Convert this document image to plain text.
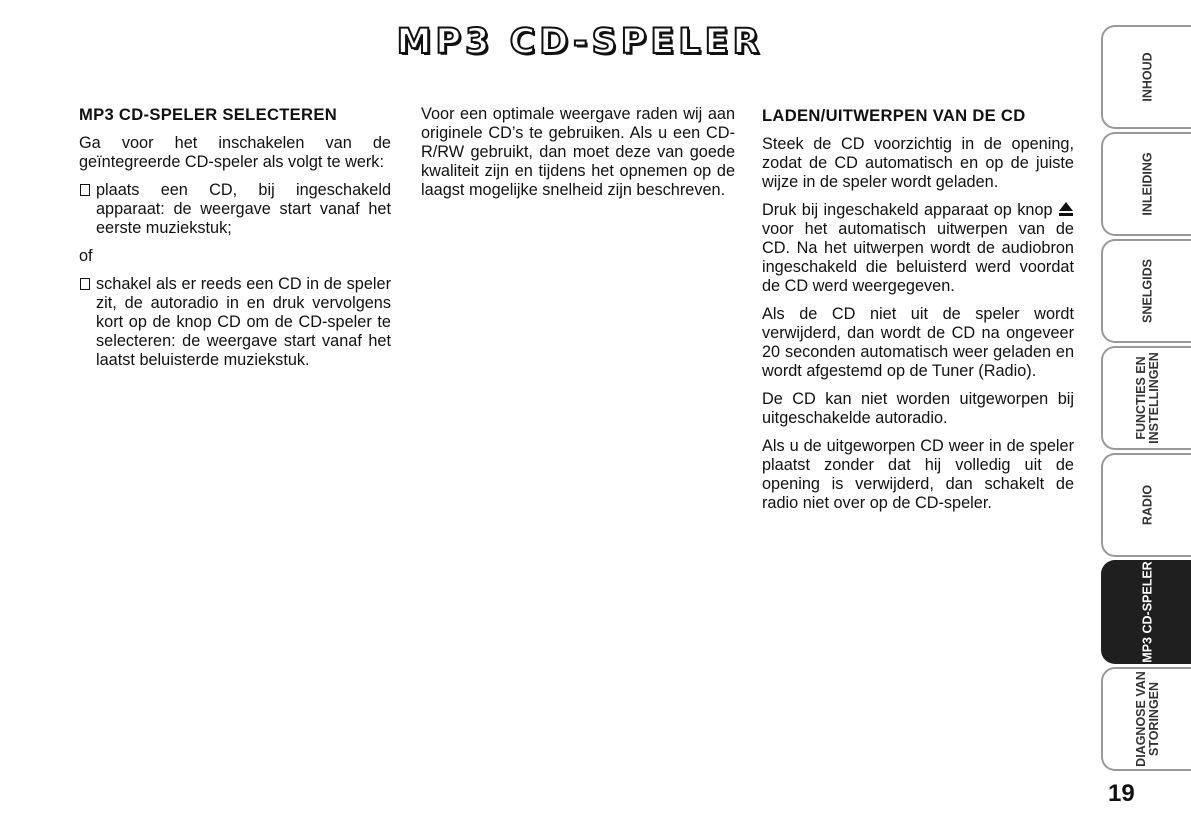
MP3 CD-SPELER
MP3 CD-SPELER SELECTEREN

Ga voor het inschakelen van de geïntegreerde CD-speler als volgt te werk:

plaats een CD, bij ingeschakeld apparaat: de weergave start vanaf het eerste muziekstuk;

of

schakel als er reeds een CD in de speler zit, de autoradio in en druk vervolgens kort op de knop CD om de CD-speler te selecteren: de weergave start vanaf het laatst beluisterde muziekstuk.

Voor een optimale weergave raden wij aan originele CD’s te gebruiken. Als u een CD-R/RW gebruikt, dan moet deze van goede kwaliteit zijn en tijdens het opnemen op de laagst mogelijke snelheid zijn beschreven.

LADEN/UITWERPEN VAN DE CD

Steek de CD voorzichtig in de opening, zodat de CD automatisch en op de juiste wijze in de speler wordt geladen.

Druk bij ingeschakeld apparaat op knop  voor het automatisch uitwerpen van de CD. Na het uitwerpen wordt de audiobron ingeschakeld die beluisterd werd voordat de CD werd weergegeven.

Als de CD niet uit de speler wordt verwijderd, dan wordt de CD na ongeveer 20 seconden automatisch weer geladen en wordt afgestemd op de Tuner (Radio).

De CD kan niet worden uitgeworpen bij uitgeschakelde autoradio.

Als u de uitgeworpen CD weer in de speler plaatst zonder dat hij volledig uit de opening is verwijderd, dan schakelt de radio niet over op de CD-speler.

INHOUD
INLEIDING
SNELGIDS
FUNCTIES EN INSTELLINGEN
RADIO
MP3 CD-SPELER
DIAGNOSE VAN STORINGEN
19
